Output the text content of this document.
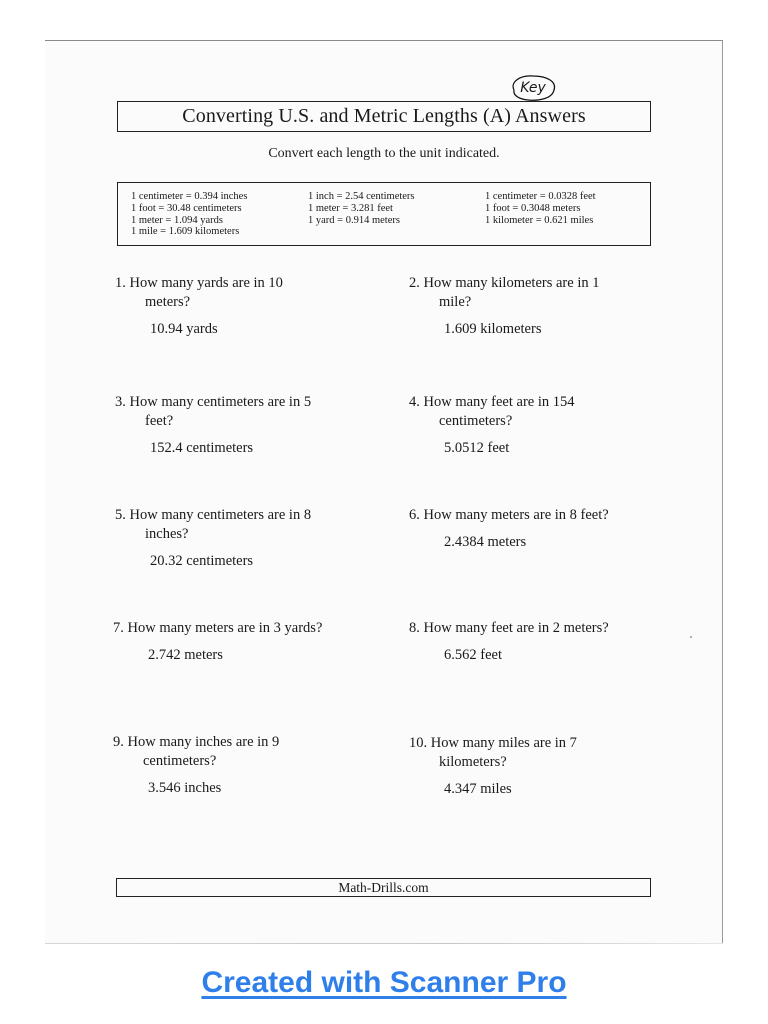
Key
Converting U.S. and Metric Lengths (A) Answers
Convert each length to the unit indicated.
1 centimeter = 0.394 inches
1 foot = 30.48 centimeters
1 meter = 1.094 yards
1 mile = 1.609 kilometers
1 inch = 2.54 centimeters
1 meter = 3.281 feet
1 yard = 0.914 meters
1 centimeter = 0.0328 feet
1 foot = 0.3048 meters
1 kilometer = 0.621 miles
1. How many yards are in 10
meters?
10.94 yards
2. How many kilometers are in 1
mile?
1.609 kilometers
3. How many centimeters are in 5
feet?
152.4 centimeters
4. How many feet are in 154
centimeters?
5.0512 feet
5. How many centimeters are in 8
inches?
20.32 centimeters
6. How many meters are in 8 feet?
2.4384 meters
7. How many meters are in 3 yards?
2.742 meters
8. How many feet are in 2 meters?
6.562 feet
9. How many inches are in 9
centimeters?
3.546 inches
10. How many miles are in 7
kilometers?
4.347 miles
Math-Drills.com
Created with Scanner Pro
